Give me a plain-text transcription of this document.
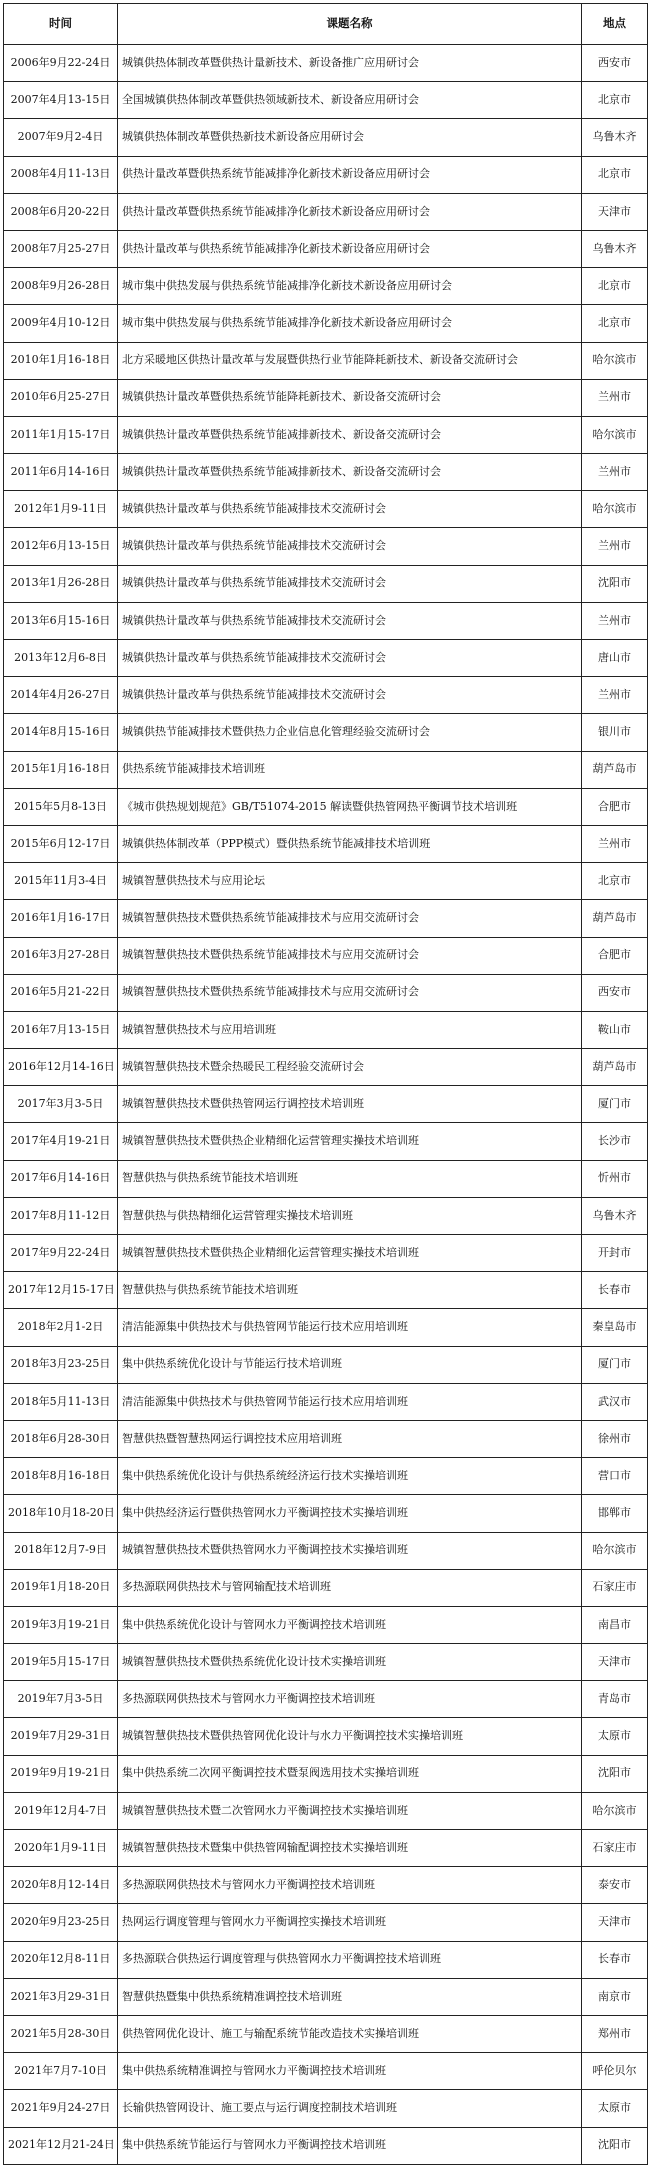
时间	课题名称	地点
2006年9月22-24日	城镇供热体制改革暨供热计量新技术、新设备推广应用研讨会	西安市
2007年4月13-15日	全国城镇供热体制改革暨供热领域新技术、新设备应用研讨会	北京市
2007年9月2-4日	城镇供热体制改革暨供热新技术新设备应用研讨会	乌鲁木齐
2008年4月11-13日	供热计量改革暨供热系统节能减排净化新技术新设备应用研讨会	北京市
2008年6月20-22日	供热计量改革暨供热系统节能减排净化新技术新设备应用研讨会	天津市
2008年7月25-27日	供热计量改革与供热系统节能减排净化新技术新设备应用研讨会	乌鲁木齐
2008年9月26-28日	城市集中供热发展与供热系统节能减排净化新技术新设备应用研讨会	北京市
2009年4月10-12日	城市集中供热发展与供热系统节能减排净化新技术新设备应用研讨会	北京市
2010年1月16-18日	北方采暖地区供热计量改革与发展暨供热行业节能降耗新技术、新设备交流研讨会	哈尔滨市
2010年6月25-27日	城镇供热计量改革暨供热系统节能降耗新技术、新设备交流研讨会	兰州市
2011年1月15-17日	城镇供热计量改革暨供热系统节能减排新技术、新设备交流研讨会	哈尔滨市
2011年6月14-16日	城镇供热计量改革暨供热系统节能减排新技术、新设备交流研讨会	兰州市
2012年1月9-11日	城镇供热计量改革与供热系统节能减排技术交流研讨会	哈尔滨市
2012年6月13-15日	城镇供热计量改革与供热系统节能减排技术交流研讨会	兰州市
2013年1月26-28日	城镇供热计量改革与供热系统节能减排技术交流研讨会	沈阳市
2013年6月15-16日	城镇供热计量改革与供热系统节能减排技术交流研讨会	兰州市
2013年12月6-8日	城镇供热计量改革与供热系统节能减排技术交流研讨会	唐山市
2014年4月26-27日	城镇供热计量改革与供热系统节能减排技术交流研讨会	兰州市
2014年8月15-16日	城镇供热节能减排技术暨供热力企业信息化管理经验交流研讨会	银川市
2015年1月16-18日	供热系统节能减排技术培训班	葫芦岛市
2015年5月8-13日	《城市供热规划规范》GB/T51074-2015 解读暨供热管网热平衡调节技术培训班	合肥市
2015年6月12-17日	城镇供热体制改革（PPP模式）暨供热系统节能减排技术培训班	兰州市
2015年11月3-4日	城镇智慧供热技术与应用论坛	北京市
2016年1月16-17日	城镇智慧供热技术暨供热系统节能减排技术与应用交流研讨会	葫芦岛市
2016年3月27-28日	城镇智慧供热技术暨供热系统节能减排技术与应用交流研讨会	合肥市
2016年5月21-22日	城镇智慧供热技术暨供热系统节能减排技术与应用交流研讨会	西安市
2016年7月13-15日	城镇智慧供热技术与应用培训班	鞍山市
2016年12月14-16日	城镇智慧供热技术暨余热暖民工程经验交流研讨会	葫芦岛市
2017年3月3-5日	城镇智慧供热技术暨供热管网运行调控技术培训班	厦门市
2017年4月19-21日	城镇智慧供热技术暨供热企业精细化运营管理实操技术培训班	长沙市
2017年6月14-16日	智慧供热与供热系统节能技术培训班	忻州市
2017年8月11-12日	智慧供热与供热精细化运营管理实操技术培训班	乌鲁木齐
2017年9月22-24日	城镇智慧供热技术暨供热企业精细化运营管理实操技术培训班	开封市
2017年12月15-17日	智慧供热与供热系统节能技术培训班	长春市
2018年2月1-2日	清洁能源集中供热技术与供热管网节能运行技术应用培训班	秦皇岛市
2018年3月23-25日	集中供热系统优化设计与节能运行技术培训班	厦门市
2018年5月11-13日	清洁能源集中供热技术与供热管网节能运行技术应用培训班	武汉市
2018年6月28-30日	智慧供热暨智慧热网运行调控技术应用培训班	徐州市
2018年8月16-18日	集中供热系统优化设计与供热系统经济运行技术实操培训班	营口市
2018年10月18-20日	集中供热经济运行暨供热管网水力平衡调控技术实操培训班	邯郸市
2018年12月7-9日	城镇智慧供热技术暨供热管网水力平衡调控技术实操培训班	哈尔滨市
2019年1月18-20日	多热源联网供热技术与管网输配技术培训班	石家庄市
2019年3月19-21日	集中供热系统优化设计与管网水力平衡调控技术培训班	南昌市
2019年5月15-17日	城镇智慧供热技术暨供热系统优化设计技术实操培训班	天津市
2019年7月3-5日	多热源联网供热技术与管网水力平衡调控技术培训班	青岛市
2019年7月29-31日	城镇智慧供热技术暨供热管网优化设计与水力平衡调控技术实操培训班	太原市
2019年9月19-21日	集中供热系统二次网平衡调控技术暨泵阀选用技术实操培训班	沈阳市
2019年12月4-7日	城镇智慧供热技术暨二次管网水力平衡调控技术实操培训班	哈尔滨市
2020年1月9-11日	城镇智慧供热技术暨集中供热管网输配调控技术实操培训班	石家庄市
2020年8月12-14日	多热源联网供热技术与管网水力平衡调控技术培训班	泰安市
2020年9月23-25日	热网运行调度管理与管网水力平衡调控实操技术培训班	天津市
2020年12月8-11日	多热源联合供热运行调度管理与供热管网水力平衡调控技术培训班	长春市
2021年3月29-31日	智慧供热暨集中供热系统精准调控技术培训班	南京市
2021年5月28-30日	供热管网优化设计、施工与输配系统节能改造技术实操培训班	郑州市
2021年7月7-10日	集中供热系统精准调控与管网水力平衡调控技术培训班	呼伦贝尔
2021年9月24-27日	长输供热管网设计、施工要点与运行调度控制技术培训班	太原市
2021年12月21-24日	集中供热系统节能运行与管网水力平衡调控技术培训班	沈阳市
